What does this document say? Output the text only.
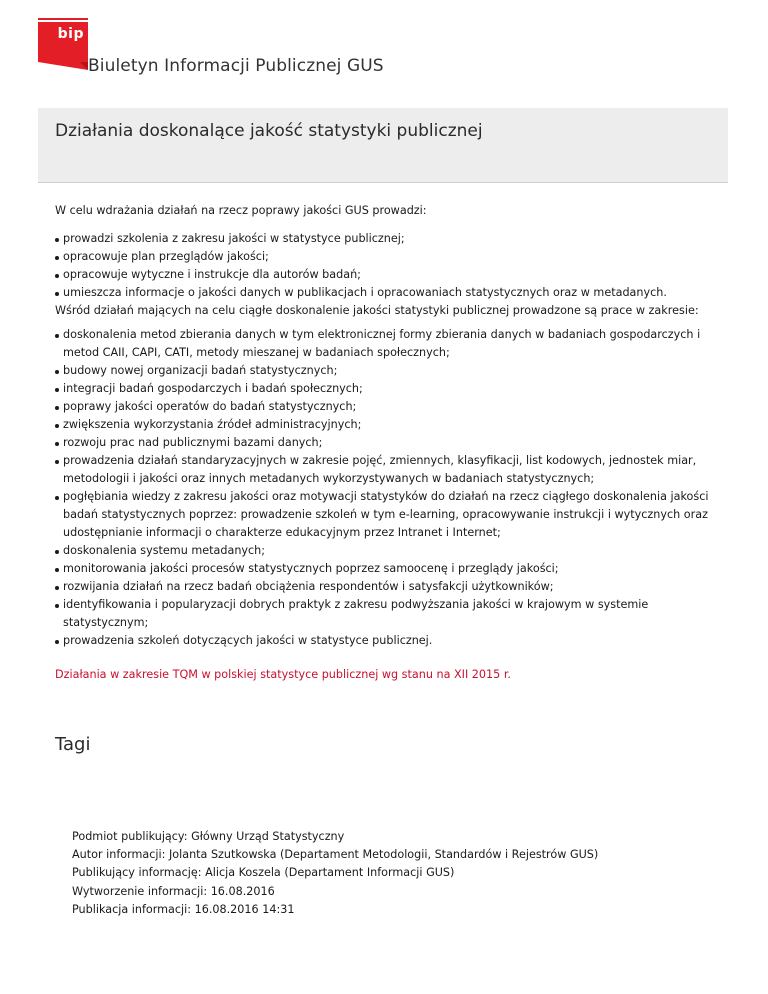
bip
Biuletyn Informacji Publicznej GUS
Działania doskonalące jakość statystyki publicznej

W celu wdrażania działań na rzecz poprawy jakości GUS prowadzi:

prowadzi szkolenia z zakresu jakości w statystyce publicznej;
opracowuje plan przeglądów jakości;
opracowuje wytyczne i instrukcje dla autorów badań;
umieszcza informacje o jakości danych w publikacjach i opracowaniach statystycznych oraz w metadanych.

Wśród działań mających na celu ciągłe doskonalenie jakości statystyki publicznej prowadzone są prace w zakresie:

doskonalenia metod zbierania danych w tym elektronicznej formy zbierania danych w badaniach gospodarczych i metod CAII, CAPI, CATI, metody mieszanej w badaniach społecznych;
budowy nowej organizacji badań statystycznych;
integracji badań gospodarczych i badań społecznych;
poprawy jakości operatów do badań statystycznych;
zwiększenia wykorzystania źródeł administracyjnych;
rozwoju prac nad publicznymi bazami danych;
prowadzenia działań standaryzacyjnych w zakresie pojęć, zmiennych, klasyfikacji, list kodowych, jednostek miar, metodologii i jakości oraz innych metadanych wykorzystywanych w badaniach statystycznych;
pogłębiania wiedzy z zakresu jakości oraz motywacji statystyków do działań na rzecz ciągłego doskonalenia jakości badań statystycznych poprzez: prowadzenie szkoleń w tym e-learning, opracowywanie instrukcji i wytycznych oraz udostępnianie informacji o charakterze edukacyjnym przez Intranet i Internet;
doskonalenia systemu metadanych;
monitorowania jakości procesów statystycznych poprzez samoocenę i przeglądy jakości;
rozwijania działań na rzecz badań obciążenia respondentów i satysfakcji użytkowników;
identyfikowania i popularyzacji dobrych praktyk z zakresu podwyższania jakości w krajowym w systemie statystycznym;
prowadzenia szkoleń dotyczących jakości w statystyce publicznej.
Działania w zakresie TQM w polskiej statystyce publicznej wg stanu na XII 2015 r.
Tagi
Podmiot publikujący: Główny Urząd Statystyczny
Autor informacji: Jolanta Szutkowska (Departament Metodologii, Standardów i Rejestrów GUS)
Publikujący informację: Alicja Koszela (Departament Informacji GUS)
Wytworzenie informacji: 16.08.2016
Publikacja informacji: 16.08.2016 14:31
